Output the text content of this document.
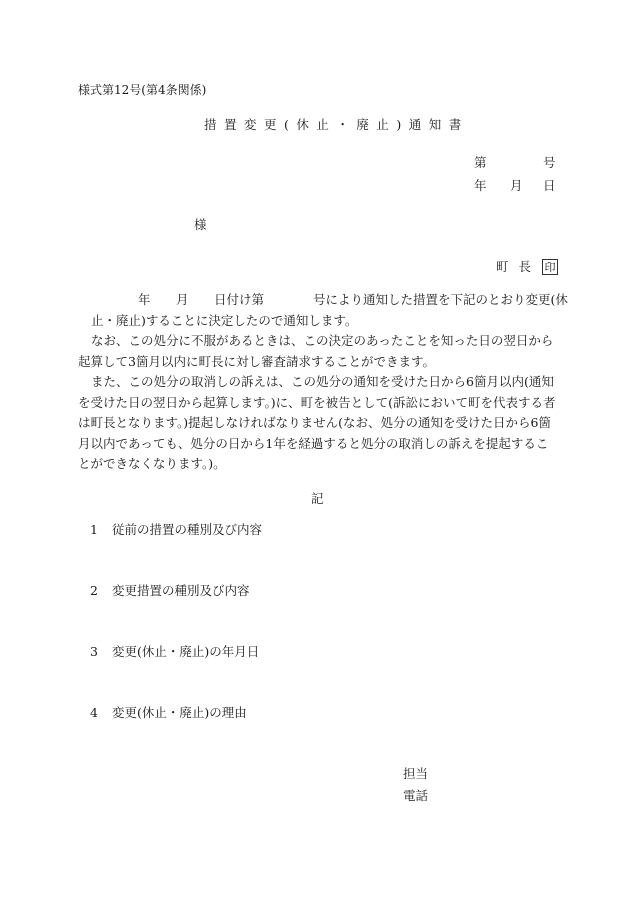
様式第12号(第4条関係)
措置変更(休止・廃止)通知書
第	号
年 月 日
様
町長 印
年 月 日付け第	号により通知した措置を下記のとおり変更(休
止・廃止)することに決定したので通知します。
なお、この処分に不服があるときは、この決定のあったことを知った日の翌日から起算して3箇月以内に町長に対し審査請求することができます。
また、この処分の取消しの訴えは、この処分の通知を受けた日から6箇月以内(通知を受けた日の翌日から起算します。)に、町を被告として(訴訟において町を代表する者は町長となります。)提起しなければなりません(なお、処分の通知を受けた日から6箇月以内であっても、処分の日から1年を経過すると処分の取消しの訴えを提起することができなくなります。)。
記
1 従前の措置の種別及び内容
2 変更措置の種別及び内容
3 変更(休止・廃止)の年月日
4 変更(休止・廃止)の理由
担当
電話
